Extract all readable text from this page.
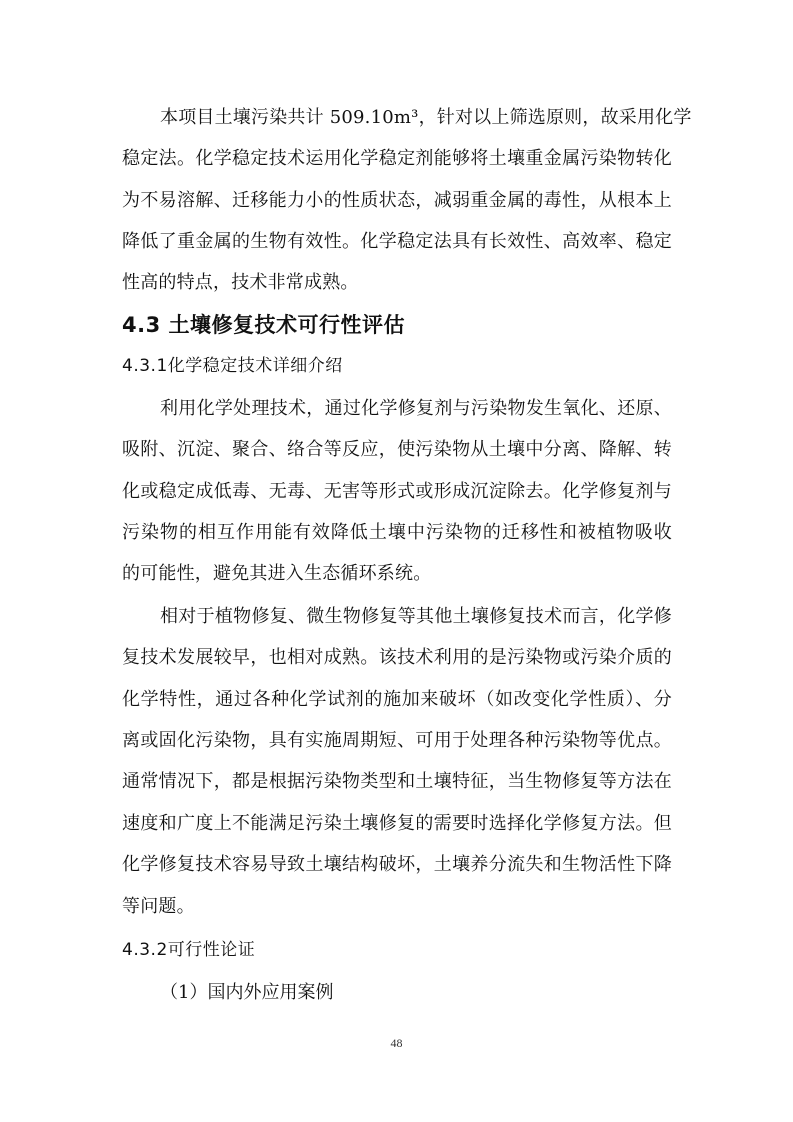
本项目土壤污染共计 509.10m³，针对以上筛选原则，故采用化学
稳定法。化学稳定技术运用化学稳定剂能够将土壤重金属污染物转化
为不易溶解、迁移能力小的性质状态，减弱重金属的毒性，从根本上
降低了重金属的生物有效性。化学稳定法具有长效性、高效率、稳定
性高的特点，技术非常成熟。
4.3 土壤修复技术可行性评估
4.3.1化学稳定技术详细介绍
利用化学处理技术，通过化学修复剂与污染物发生氧化、还原、
吸附、沉淀、聚合、络合等反应，使污染物从土壤中分离、降解、转
化或稳定成低毒、无毒、无害等形式或形成沉淀除去。化学修复剂与
污染物的相互作用能有效降低土壤中污染物的迁移性和被植物吸收
的可能性，避免其进入生态循环系统。
相对于植物修复、微生物修复等其他土壤修复技术而言，化学修
复技术发展较早，也相对成熟。该技术利用的是污染物或污染介质的
化学特性，通过各种化学试剂的施加来破坏（如改变化学性质）、分
离或固化污染物，具有实施周期短、可用于处理各种污染物等优点。
通常情况下，都是根据污染物类型和土壤特征，当生物修复等方法在
速度和广度上不能满足污染土壤修复的需要时选择化学修复方法。但
化学修复技术容易导致土壤结构破坏，土壤养分流失和生物活性下降
等问题。
4.3.2可行性论证
（1）国内外应用案例
48
